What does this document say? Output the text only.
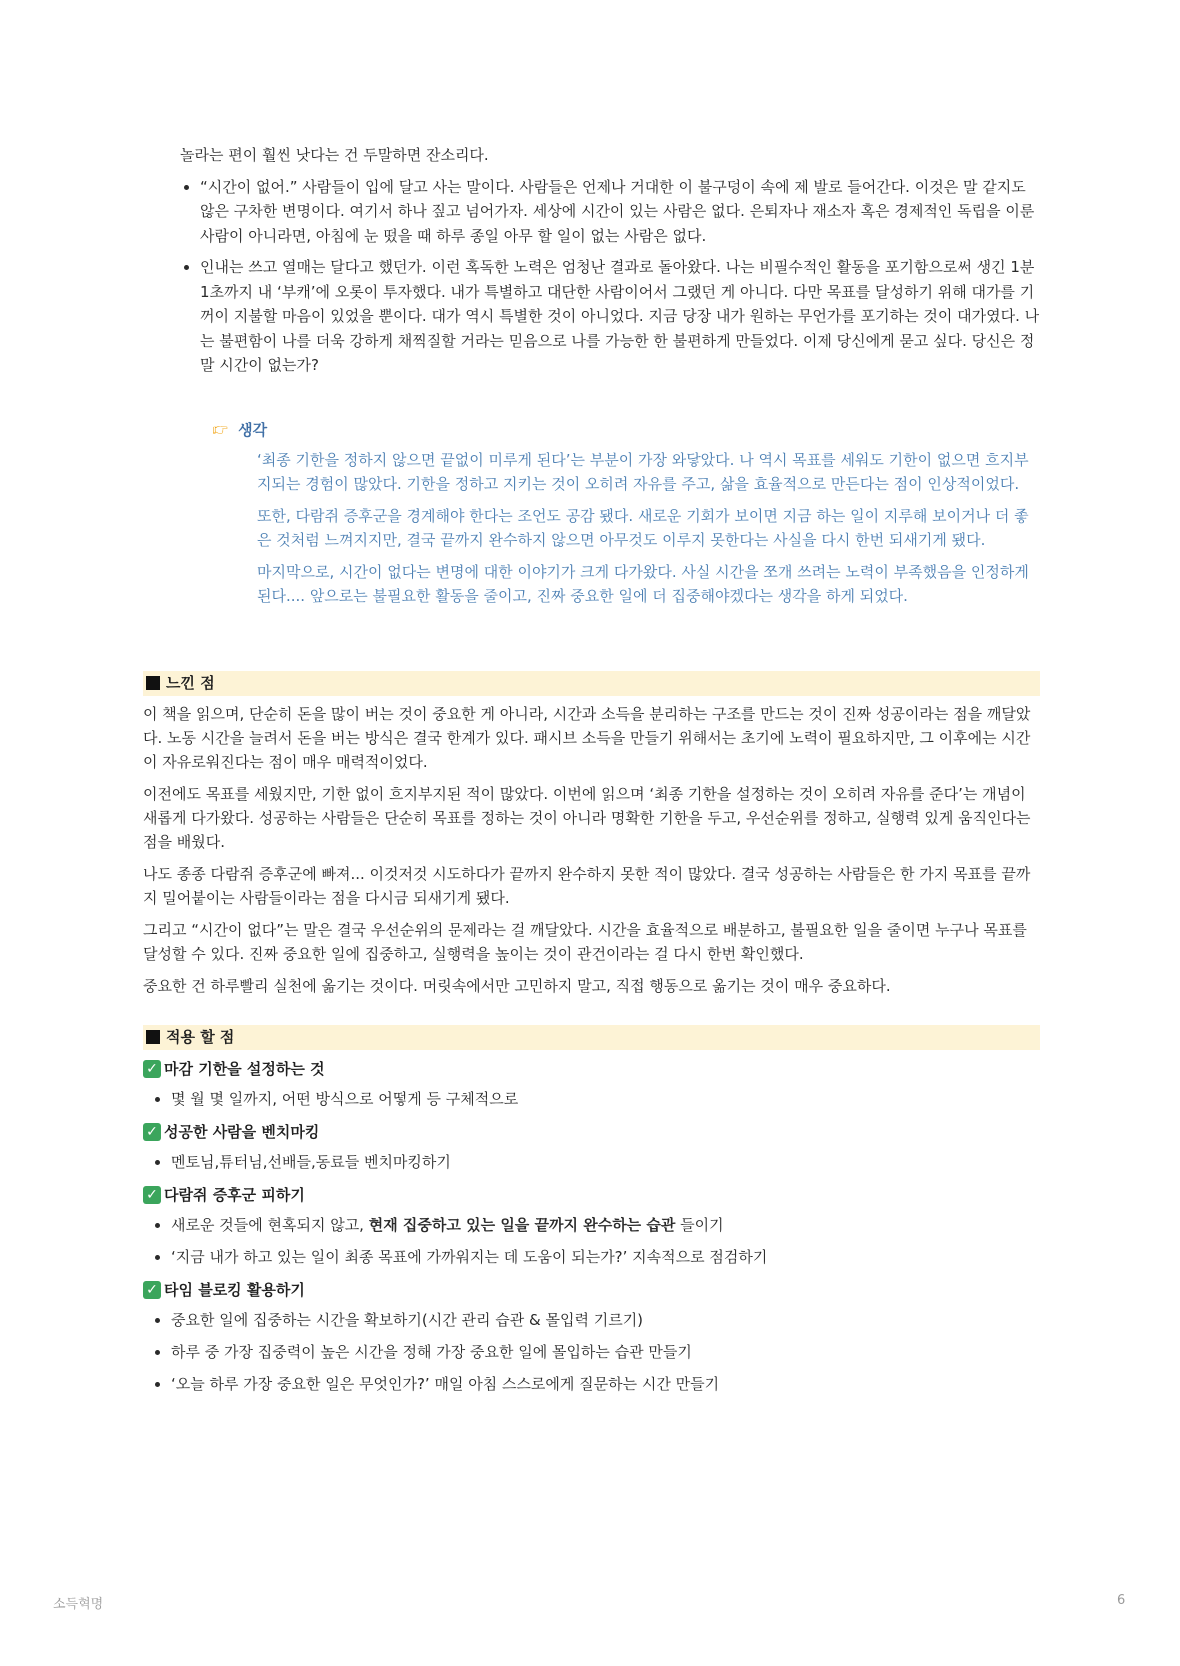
놀라는 편이 훨씬 낫다는 건 두말하면 잔소리다.

• “시간이 없어.” 사람들이 입에 달고 사는 말이다. 사람들은 언제나 거대한 이 불구덩이 속에 제 발로 들어간다. 이것은 말 같지도 않은 구차한 변명이다. 여기서 하나 짚고 넘어가자. 세상에 시간이 있는 사람은 없다. 은퇴자나 재소자 혹은 경제적인 독립을 이룬 사람이 아니라면, 아침에 눈 떴을 때 하루 종일 아무 할 일이 없는 사람은 없다.
• 인내는 쓰고 열매는 달다고 했던가. 이런 혹독한 노력은 엄청난 결과로 돌아왔다. 나는 비필수적인 활동을 포기함으로써 생긴 1분 1초까지 내 ‘부캐’에 오롯이 투자했다. 내가 특별하고 대단한 사람이어서 그랬던 게 아니다. 다만 목표를 달성하기 위해 대가를 기꺼이 지불할 마음이 있었을 뿐이다. 대가 역시 특별한 것이 아니었다. 지금 당장 내가 원하는 무언가를 포기하는 것이 대가였다. 나는 불편함이 나를 더욱 강하게 채찍질할 거라는 믿음으로 나를 가능한 한 불편하게 만들었다. 이제 당신에게 묻고 싶다. 당신은 정말 시간이 없는가?
👉︎ 생각

‘최종 기한을 정하지 않으면 끝없이 미루게 된다’는 부분이 가장 와닿았다. 나 역시 목표를 세워도 기한이 없으면 흐지부지되는 경험이 많았다. 기한을 정하고 지키는 것이 오히려 자유를 주고, 삶을 효율적으로 만든다는 점이 인상적이었다.

또한, 다람쥐 증후군을 경계해야 한다는 조언도 공감 됐다. 새로운 기회가 보이면 지금 하는 일이 지루해 보이거나 더 좋은 것처럼 느껴지지만, 결국 끝까지 완수하지 않으면 아무것도 이루지 못한다는 사실을 다시 한번 되새기게 됐다.

마지막으로, 시간이 없다는 변명에 대한 이야기가 크게 다가왔다. 사실 시간을 쪼개 쓰려는 노력이 부족했음을 인정하게 된다.... 앞으로는 불필요한 활동을 줄이고, 진짜 중요한 일에 더 집중해야겠다는 생각을 하게 되었다.

느낀 점

이 책을 읽으며, 단순히 돈을 많이 버는 것이 중요한 게 아니라, 시간과 소득을 분리하는 구조를 만드는 것이 진짜 성공이라는 점을 깨달았다. 노동 시간을 늘려서 돈을 버는 방식은 결국 한계가 있다. 패시브 소득을 만들기 위해서는 초기에 노력이 필요하지만, 그 이후에는 시간이 자유로워진다는 점이 매우 매력적이었다.

이전에도 목표를 세웠지만, 기한 없이 흐지부지된 적이 많았다. 이번에 읽으며 ‘최종 기한을 설정하는 것이 오히려 자유를 준다’는 개념이 새롭게 다가왔다. 성공하는 사람들은 단순히 목표를 정하는 것이 아니라 명확한 기한을 두고, 우선순위를 정하고, 실행력 있게 움직인다는 점을 배웠다.

나도 종종 다람쥐 증후군에 빠져... 이것저것 시도하다가 끝까지 완수하지 못한 적이 많았다. 결국 성공하는 사람들은 한 가지 목표를 끝까지 밀어붙이는 사람들이라는 점을 다시금 되새기게 됐다.

그리고 “시간이 없다”는 말은 결국 우선순위의 문제라는 걸 깨달았다. 시간을 효율적으로 배분하고, 불필요한 일을 줄이면 누구나 목표를 달성할 수 있다. 진짜 중요한 일에 집중하고, 실행력을 높이는 것이 관건이라는 걸 다시 한번 확인했다.

중요한 건 하루빨리 실천에 옮기는 것이다. 머릿속에서만 고민하지 말고, 직접 행동으로 옮기는 것이 매우 중요하다.

적용 할 점
✓ 마감 기한을 설정하는 것
• 몇 월 몇 일까지, 어떤 방식으로 어떻게 등 구체적으로
✓ 성공한 사람을 벤치마킹
• 멘토님,튜터님,선배들,동료들 벤치마킹하기
✓ 다람쥐 증후군 피하기
• 새로운 것들에 현혹되지 않고, 현재 집중하고 있는 일을 끝까지 완수하는 습관 들이기
• ‘지금 내가 하고 있는 일이 최종 목표에 가까워지는 데 도움이 되는가?’ 지속적으로 점검하기
✓ 타임 블로킹 활용하기
• 중요한 일에 집중하는 시간을 확보하기(시간 관리 습관 & 몰입력 기르기)
• 하루 중 가장 집중력이 높은 시간을 정해 가장 중요한 일에 몰입하는 습관 만들기
• ‘오늘 하루 가장 중요한 일은 무엇인가?’ 매일 아침 스스로에게 질문하는 시간 만들기
소득혁명	6
